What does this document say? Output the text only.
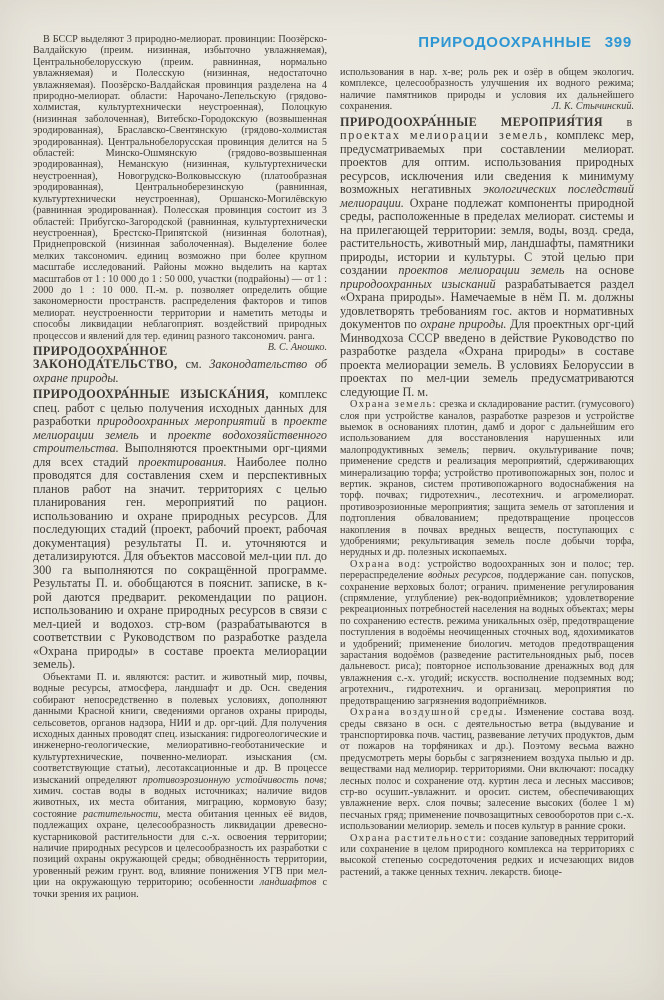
В БССР выделяют 3 природно-мелиорат. провинции: Поозёрско-Валдайскую (преим. низинная, избыточно увлажняемая), Центральнобелорусскую (преим. равнинная, нормально увлажняемая) и Полесскую (низинная, недостаточно увлажняемая). Поозёрско-Валдайская провинция разделена на 4 природно-мелиорат. области: Нарочано-Лепельскую (грядово-холмистая, культуртехнически неустроенная), Полоцкую (низинная заболоченная), Витебско-Городокскую (возвышенная эродированная), Браславско-Свентянскую (грядово-холмистая эродированная). Центральнобелорусская провинция делится на 5 областей: Минско-Ошмянскую (грядово-возвышенная эродированная), Неманскую (низинная, культуртехнически неустроенная), Новогрудско-Волковысскую (платообразная эродированная), Центральноберезинскую (равнинная, культуртехнически неустроенная), Оршанско-Могилёвскую (равнинная эродированная). Полесская провинция состоит из 3 областей: Прибугско-Загородской (равнинная, культуртехнически неустроенная), Брестско-Припятской (низинная болотная), Приднепровской (низинная заболоченная). Выделение более мелких таксономич. единиц возможно при более крупном масштабе исследований. Районы можно выделить на картах масштабов от 1 : 10 000 до 1 : 50 000, участки (подрайоны) — от 1 : 2000 до 1 : 10 000. П.-м. р. позволяет определить общие закономерности пространств. распределения факторов и типов мелиорат. неустроенности территории и наметить методы и способы ликвидации неблагоприят. воздействий природных процессов и явлений для тер. единиц разного таксономич. ранга.
В. С. Аношко.

ПРИРОДООХРА́ННОЕ ЗАКОНОДА́ТЕЛЬСТВО, см. Законодательство об охране природы.

ПРИРОДООХРА́ННЫЕ ИЗЫСКА́НИЯ, комплекс спец. работ с целью получения исходных данных для разработки природоохранных мероприятий в проекте мелиорации земель и проекте водохозяйственного строительства. Выполняются проектными орг-циями для всех стадий проектирования. Наиболее полно проводятся для составления схем и перспективных планов работ на значит. территориях с целью планирования ген. мероприятий по рацион. использованию и охране природных ресурсов. Для последующих стадий (проект, рабочий проект, рабочая документация) результаты П. и. уточняются и детализируются. Для объектов массовой мел-ции пл. до 300 га выполняются по сокращённой программе. Результаты П. и. обобщаются в пояснит. записке, в к-рой даются предварит. рекомендации по рацион. использованию и охране природных ресурсов в связи с мел-цией и водохоз. стр-вом (разрабатываются в соответствии с Руководством по разработке раздела «Охрана природы» в составе проекта мелиорации земель).

Объектами П. и. являются: растит. и животный мир, почвы, водные ресурсы, атмосфера, ландшафт и др. Осн. сведения собирают непосредственно в полевых условиях, дополняют данными Красной книги, сведениями органов охраны природы, сельсоветов, органов надзора, НИИ и др. орг-ций. Для получения исходных данных проводят спец. изыскания: гидрогеологические и инженерно-геологические, мелиоративно-геоботанические и культуртехнические, почвенно-мелиорат. изыскания (см. соответствующие статьи), лесотаксационные и др. В процессе изысканий определяют противоэрозионную устойчивость почв; химич. состав воды в водных источниках; наличие видов животных, их места обитания, миграцию, кормовую базу; состояние растительности, места обитания ценных её видов, подлежащих охране, целесообразность ликвидации древесно-кустарниковой растительности для с.-х. освоения территории; наличие природных ресурсов и целесообразность их разработки с позиций охраны окружающей среды; обводнённость территории, уровенный режим грунт. вод, влияние понижения УГВ при мел-ции на окружающую территорию; особенности ландшафтов с точки зрения их рацион.

ПРИРОДООХРАННЫЕ 399

использования в нар. х-ве; роль рек и озёр в общем экологич. комплексе, целесообразность улучшения их водного режима; наличие памятников природы и условия их дальнейшего сохранения.	Л. К. Стычинский.

ПРИРОДООХРА́ННЫЕ МЕРОПРИЯ́ТИЯ в проектах мелиорации земель, комплекс мер, предусматриваемых при составлении мелиорат. проектов для оптим. использования природных ресурсов, исключения или сведения к минимуму возможных негативных экологических последствий мелиорации. Охране подлежат компоненты природной среды, расположенные в пределах мелиорат. системы и на прилегающей территории: земля, воды, возд. среда, растительность, животный мир, ландшафты, памятники природы, истории и культуры. С этой целью при создании проектов мелиорации земель на основе природоохранных изысканий разрабатывается раздел «Охрана природы». Намечаемые в нём П. м. должны удовлетворять требованиям гос. актов и нормативных документов по охране природы. Для проектных орг-ций Минводхоза СССР введено в действие Руководство по разработке раздела «Охрана природы» в составе проекта мелиорации земель. В условиях Белоруссии в проектах по мел-ции земель предусматриваются следующие П. м.

Охрана земель: срезка и складирование растит. (гумусового) слоя при устройстве каналов, разработке разрезов и устройстве выемок в основаниях плотин, дамб и дорог с дальнейшим его использованием для восстановления нарушенных или малопродуктивных земель; первич. окультуривание почв; применение средств и реализация мероприятий, сдерживающих минерализацию торфа; устройство противопожарных зон, полос и вертик. экранов, систем противопожарного водоснабжения на торф. почвах; гидротехнич., лесотехнич. и агромелиорат. противоэрозионные мероприятия; защита земель от затопления и подтопления обвалованием; предотвращение процессов накопления в почвах вредных веществ, поступающих с удобрениями; рекультивация земель после добычи торфа, нерудных и др. полезных ископаемых.

Охрана вод: устройство водоохранных зон и полос; тер. перераспределение водных ресурсов, поддержание сан. попусков, сохранение верховых болот; огранич. применение регулирования (спрямление, углубление) рек-водоприёмников; удовлетворение рекреационных потребностей населения на водных объектах; меры по сохранению естеств. режима уникальных озёр, предотвращение поступления в водоёмы неочищенных сточных вод, ядохимикатов и удобрений; применение биологич. методов предотвращения зарастания водоёмов (разведение растительноядных рыб, посев дальневост. риса); повторное использование дренажных вод для увлажнения с.-х. угодий; искусств. восполнение подземных вод; агротехнич., гидротехнич. и организац. мероприятия по предотвращению загрязнения водоприёмников.

Охрана воздушной среды. Изменение состава возд. среды связано в осн. с деятельностью ветра (выдувание и транспортировка почв. частиц, развевание летучих продуктов, дым от пожаров на торфяниках и др.). Поэтому весьма важно предусмотреть меры борьбы с загрязнением воздуха пылью и др. веществами над мелиорир. территориями. Они включают: посадку лесных полос и сохранение отд. куртин леса и лесных массивов; стр-во осушит.-увлажнит. и оросит. систем, обеспечивающих увлажнение верх. слоя почвы; залесение высоких (более 1 м) песчаных гряд; применение почвозащитных севооборотов при с.-х. использовании мелиорир. земель и посев культур в ранние сроки.

Охрана растительности: создание заповедных территорий или сохранение в целом природного комплекса на территориях с высокой степенью сосредоточения редких и исчезающих видов растений, а также ценных технич. лекарств. биоце-
